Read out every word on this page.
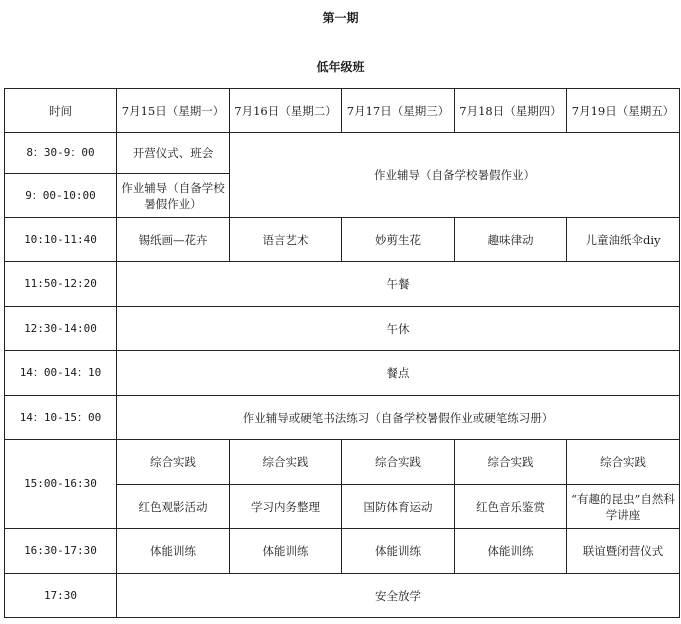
第一期
低年级班
时间	7月15日（星期一）	7月16日（星期二）	7月17日（星期三）	7月18日（星期四）	7月19日（星期五）
8：30-9：00	开营仪式、班会	作业辅导（自备学校暑假作业）			
9：00-10:00	作业辅导（自备学校暑假作业）				
10:10-11:40	锡纸画—花卉	语言艺术	妙剪生花	趣味律动	儿童油纸伞diy
11:50-12:20	午餐				
12:30-14:00	午休				
14：00-14：10	餐点				
14：10-15：00	作业辅导或硬笔书法练习（自备学校暑假作业或硬笔练习册）				
15:00-16:30	综合实践	综合实践	综合实践	综合实践	综合实践
	红色观影活动	学习内务整理	国防体育运动	红色音乐鉴赏	“有趣的昆虫”自然科学讲座
16:30-17:30	体能训练	体能训练	体能训练	体能训练	联谊暨闭营仪式
17:30	安全放学				
